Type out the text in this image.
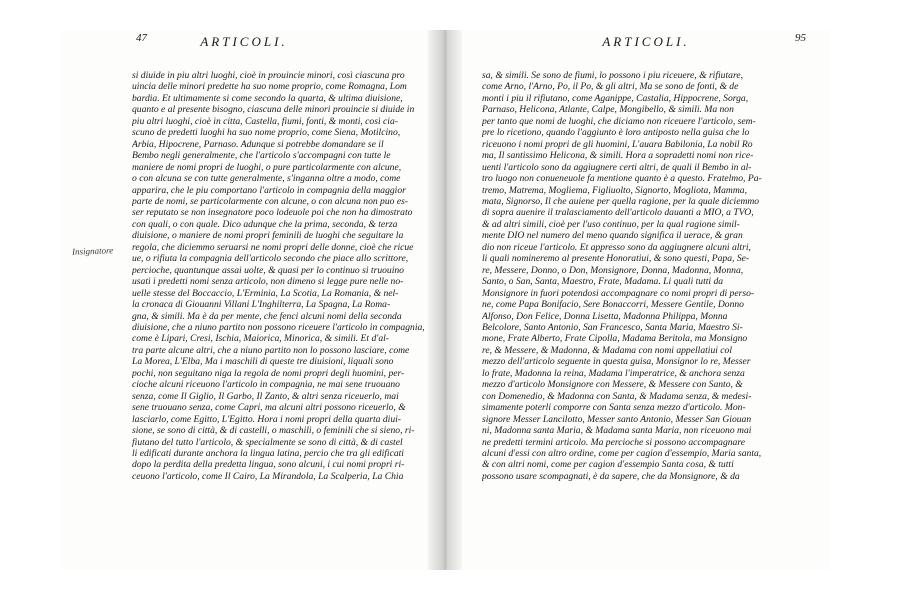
47	ARTICOLI.
Insignatore
si diuide in piu altri luoghi, cioè in prouincie minori, così ciascuna pro
uincia delle minori predette ha suo nome proprio, come Romagna, Lom
bardia. Et ultimamente si come secondo la quarta, & ultima diuisione,
quanto e al presente bisogno, ciascuna delle minori prouincie si diuide in
piu altri luoghi, cioè in citta, Castella, fiumi, fonti, & monti, così cia-
scuno de predetti luoghi ha suo nome proprio, come Siena, Motilcino,
Arbia, Hipocrene, Parnaso. Adunque si potrebbe domandare se il
Bembo negli generalmente, che l'articolo s'accompagni con tutte le
maniere de nomi propri de luoghi, o pure particolarmente con alcune,
o con alcuna se con tutte generalmente, s'inganna oltre a modo, come
apparira, che le piu comportano l'articolo in compagnia della maggior
parte de nomi, se particolarmente con alcune, o con alcuna non puo es-
ser reputato se non insegnatore poco lodeuole poi che non ha dimostrato
con quali, o con quale. Dico adunque che la prima, seconda, & terza
diuisione, o maniere de nomi propri feminili de luoghi che seguitare la
regola, che diciemmo seruarsi ne nomi propri delle donne, cioè che ricue
ue, o rifiuta la compagnia dell'articolo secondo che piace allo scrittore,
percioche, quantunque assai uolte, & quasi per lo continuo si truouino
usati i predetti nomi senza articolo, non dimeno si legge pure nelle no-
uelle stesse del Boccaccio, L'Erminia, La Scotia, La Romania, & nel-
la cronaca di Giouanni Villani L'Inghilterra, La Spagna, La Roma-
gna, & simili. Ma è da per mente, che fenci alcuni nomi della seconda
diuisione, che a niuno partito non possono riceuere l'articolo in compagnia,
come è Lipari, Cresi, Ischia, Maiorica, Minorica, & simili. Et d'al-
tra parte alcune altri, che a niuno partito non lo possono lasciare, come
La Morea, L'Elba, Ma i maschili di queste tre diuisioni, liquali sono
pochi, non seguitano niga la regola de nomi propri degli huomini, per-
cioche alcuni riceuono l'articolo in compagnia, ne mai sene truouano
senza, come Il Giglio, Il Garbo, Il Zanto, & altri senza riceuerlo, mai
sene truouano senza, come Capri, ma alcuni altri possono riceuerlo, &
lasciarlo, come Egitto, L'Egitto. Hora i nomi propri della quarta diui-
sione, se sono di città, & di castelli, o maschili, o feminili che si sieno, ri-
fiutano del tutto l'articolo, & specialmente se sono di città, & di castel
li edificati durante anchora la lingua latina, percio che tra gli edificati
dopo la perdita della predetta lingua, sono alcuni, i cui nomi propri ri-
ceuono l'articolo, come Il Cairo, La Mirandola, La Scalperia, La Chia
ARTICOLI.	95
sa, & simili. Se sono de fiumi, lo possono i piu riceuere, & rifiutare,
come Arno, l'Arno, Po, il Po, & gli altri, Ma se sono de fonti, & de
monti i piu il rifiutano, come Aganippe, Castalia, Hippocrene, Sorga,
Parnaso, Helicona, Atlante, Calpe, Mongibello, & simili. Ma non
per tanto que nomi de luoghi, che diciamo non riceuere l'articolo, sem-
pre lo ricetiono, quando l'aggiunto è loro antiposto nella guisa che lo
riceuono i nomi propri de gli huomini, L'auara Babilonia, La nobil Ro
ma, Il santissimo Helicona, & simili. Hora a sopradetti nomi non rice-
uenti l'articolo sono da aggiugnere certi altri, de quali il Bembo in al-
tro luogo non conueneuole fa mentione quanto è a questo. Fratelmo, Pa-
tremo, Matrema, Mogliema, Figliuolto, Signorto, Mogliota, Mamma,
mata, Signorso, Il che auiene per quella ragione, per la quale diciemmo
di sopra auenire il tralasciamento dell'articolo dauanti a MIO, a TVO,
& ad altri simili, cioè per l'uso continuo, per la qual ragione simil-
mente DIO nel numero del meno quando significa il uerace, & gran
dio non riceue l'articolo. Et appresso sono da aggiugnere alcuni altri,
li quali nomineremo al presente Honoratiui, & sono questi, Papa, Se-
re, Messere, Donno, o Don, Monsignore, Donna, Madonna, Monna,
Santo, o San, Santa, Maestro, Frate, Madama. Li quali tutti da
Monsignore in fuori potendosi accompagnare co nomi propri di perso-
ne, come Papa Bonifacio, Sere Bonaccorri, Messere Gentile, Donno
Alfonso, Don Felice, Donna Lisetta, Madonna Philippa, Monna
Belcolore, Santo Antonio, San Francesco, Santa Maria, Maestro Si-
mone, Frate Alberto, Frate Cipolla, Madama Beritola, ma Monsigno
re, & Messere, & Madonna, & Madama con nomi appellatiui col
mezzo dell'articolo seguente in questa guisa, Monsignor lo re, Messer
lo frate, Madonna la reina, Madama l'imperatrice, & anchora senza
mezzo d'articolo Monsignore con Messere, & Messere con Santo, &
con Domenedio, & Madonna con Santa, & Madama senza, & medesi-
simamente poterli comporre con Santa senza mezzo d'articolo. Mon-
signore Messer Lancilotto, Messer santo Antonio, Messer San Giouan
ni, Madonna santa Maria, & Madama santa Maria, non riceuono mai
ne predetti termini articolo. Ma percioche si possono accompagnare
alcuni d'essi con altro ordine, come per cagion d'essempio, Maria santa,
& con altri nomi, come per cagion d'essempio Santa cosa, & tutti
possono usare scompagnati, è da sapere, che da Monsignore, & da
